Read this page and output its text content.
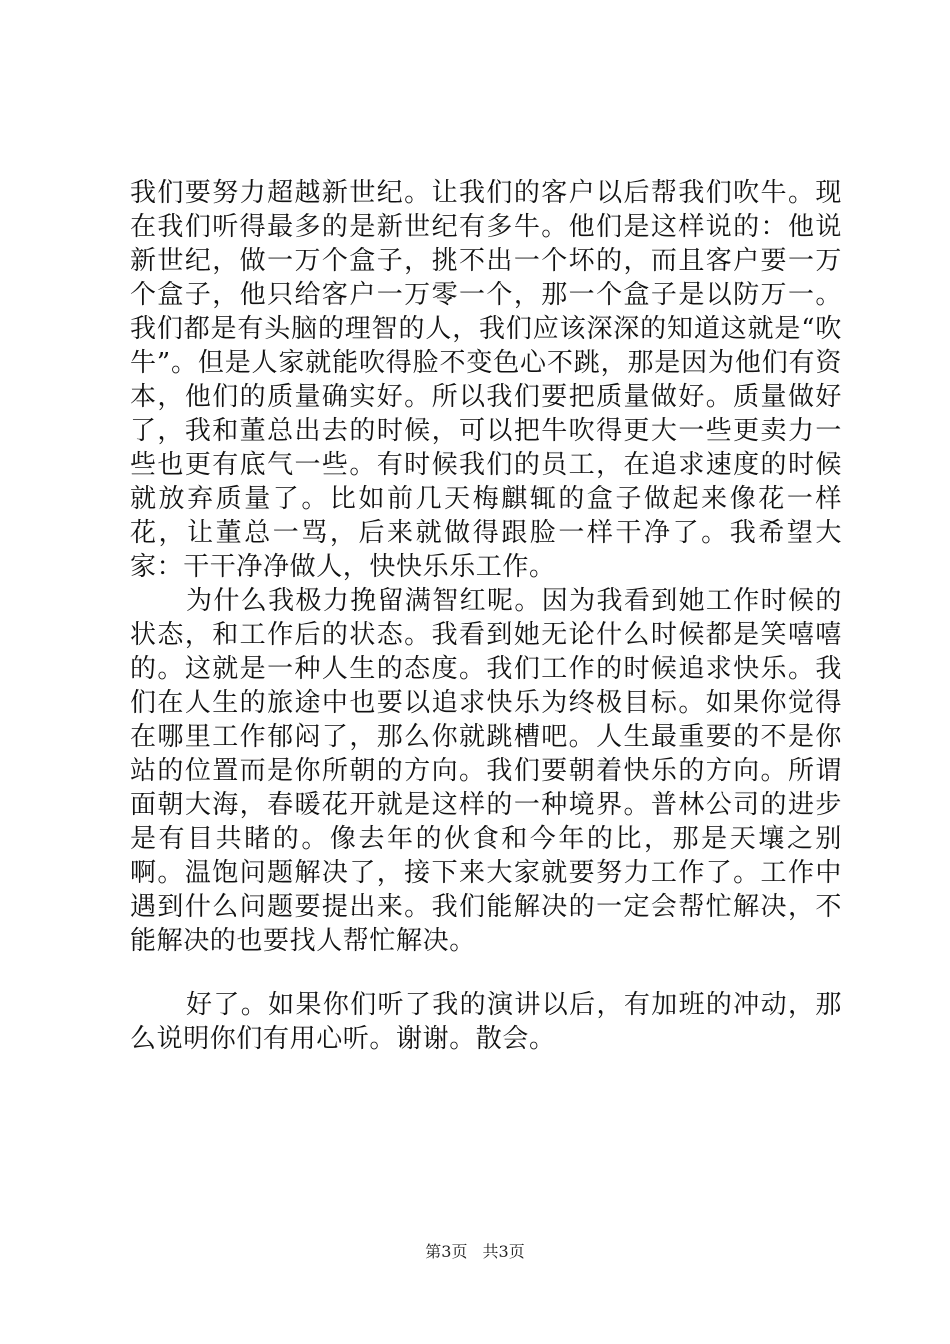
我们要努力超越新世纪。让我们的客户以后帮我们吹牛。现在我们听得最多的是新世纪有多牛。他们是这样说的：他说新世纪，做一万个盒子，挑不出一个坏的，而且客户要一万个盒子，他只给客户一万零一个，那一个盒子是以防万一。我们都是有头脑的理智的人，我们应该深深的知道这就是“吹牛”。但是人家就能吹得脸不变色心不跳，那是因为他们有资本，他们的质量确实好。所以我们要把质量做好。质量做好了，我和董总出去的时候，可以把牛吹得更大一些更卖力一些也更有底气一些。有时候我们的员工，在追求速度的时候就放弃质量了。比如前几天梅麒辄的盒子做起来像花一样花，让董总一骂，后来就做得跟脸一样干净了。我希望大家：干干净净做人，快快乐乐工作。

为什么我极力挽留满智红呢。因为我看到她工作时候的状态，和工作后的状态。我看到她无论什么时候都是笑嘻嘻的。这就是一种人生的态度。我们工作的时候追求快乐。我们在人生的旅途中也要以追求快乐为终极目标。如果你觉得在哪里工作郁闷了，那么你就跳槽吧。人生最重要的不是你站的位置而是你所朝的方向。我们要朝着快乐的方向。所谓面朝大海，春暖花开就是这样的一种境界。普林公司的进步是有目共睹的。像去年的伙食和今年的比，那是天壤之别啊。温饱问题解决了，接下来大家就要努力工作了。工作中遇到什么问题要提出来。我们能解决的一定会帮忙解决，不能解决的也要找人帮忙解决。

好了。如果你们听了我的演讲以后，有加班的冲动，那么说明你们有用心听。谢谢。散会。

第3页 共3页
